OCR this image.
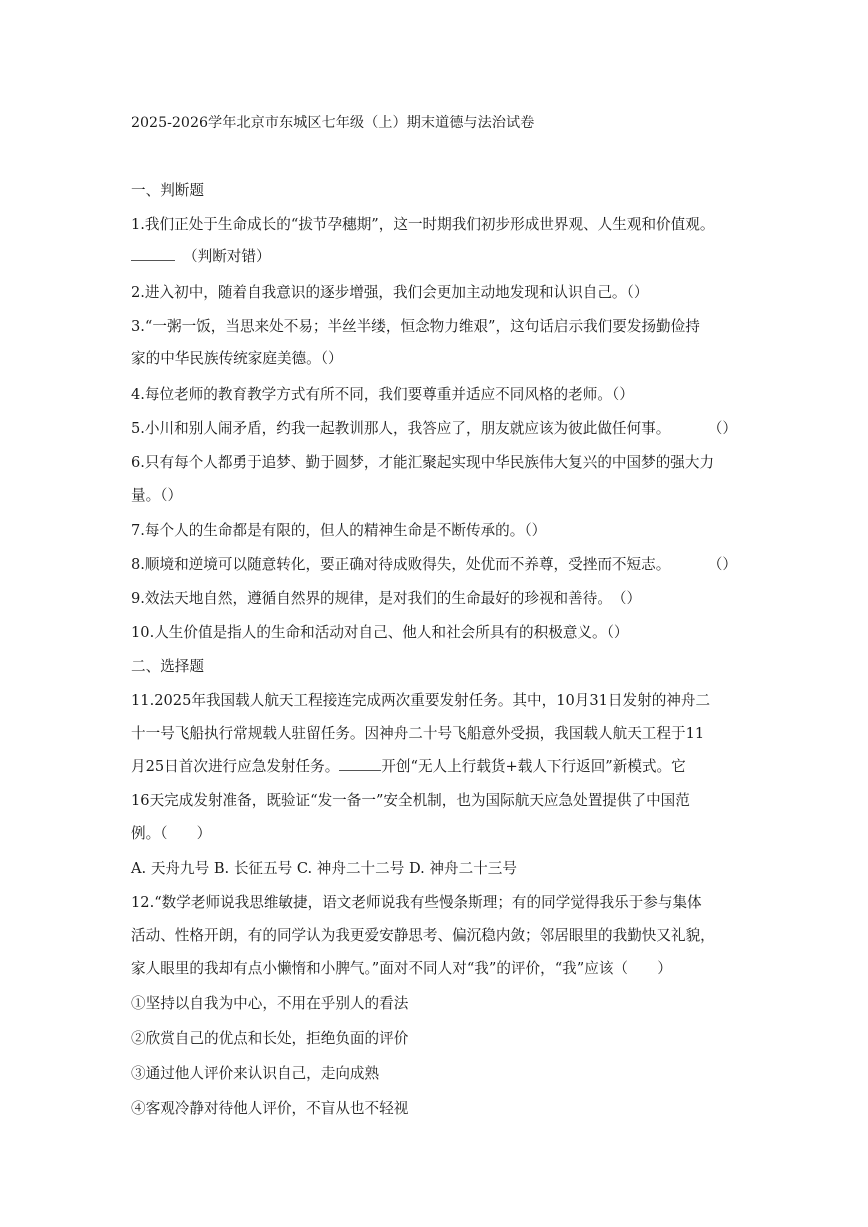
2025-2026学年北京市东城区七年级（上）期末道德与法治试卷
一、判断题
1.我们正处于生命成长的“拔节孕穗期”，这一时期我们初步形成世界观、人生观和价值观。
（判断对错）
2.进入初中，随着自我意识的逐步增强，我们会更加主动地发现和认识自己。（）
3.“一粥一饭，当思来处不易；半丝半缕，恒念物力维艰”，这句话启示我们要发扬勤俭持
家的中华民族传统家庭美德。（）
4.每位老师的教育教学方式有所不同，我们要尊重并适应不同风格的老师。（）
5.小川和别人闹矛盾，约我一起教训那人，我答应了，朋友就应该为彼此做任何事。	（）
6.只有每个人都勇于追梦、勤于圆梦，才能汇聚起实现中华民族伟大复兴的中国梦的强大力
量。（）
7.每个人的生命都是有限的，但人的精神生命是不断传承的。（）
8.顺境和逆境可以随意转化，要正确对待成败得失，处优而不养尊，受挫而不短志。	（）
9.效法天地自然，遵循自然界的规律，是对我们的生命最好的珍视和善待。　（）
10.人生价值是指人的生命和活动对自己、他人和社会所具有的积极意义。（）
二、选择题
11.2025年我国载人航天工程接连完成两次重要发射任务。其中，10月31日发射的神舟二
十一号飞船执行常规载人驻留任务。因神舟二十号飞船意外受损，我国载人航天工程于11
月25日首次进行应急发射任务。	开创“无人上行载货+载人下行返回”新模式。它
16天完成发射准备，既验证“发一备一”安全机制，也为国际航天应急处置提供了中国范
例。（　　）
A. 天舟九号 B. 长征五号 C. 神舟二十二号 D. 神舟二十三号
12.“数学老师说我思维敏捷，语文老师说我有些慢条斯理；有的同学觉得我乐于参与集体
活动、性格开朗，有的同学认为我更爱安静思考、偏沉稳内敛；邻居眼里的我勤快又礼貌，
家人眼里的我却有点小懒惰和小脾气。”面对不同人对“我”的评价，“我”应该（　　）
①坚持以自我为中心，不用在乎别人的看法
②欣赏自己的优点和长处，拒绝负面的评价
③通过他人评价来认识自己，走向成熟
④客观冷静对待他人评价，不盲从也不轻视
